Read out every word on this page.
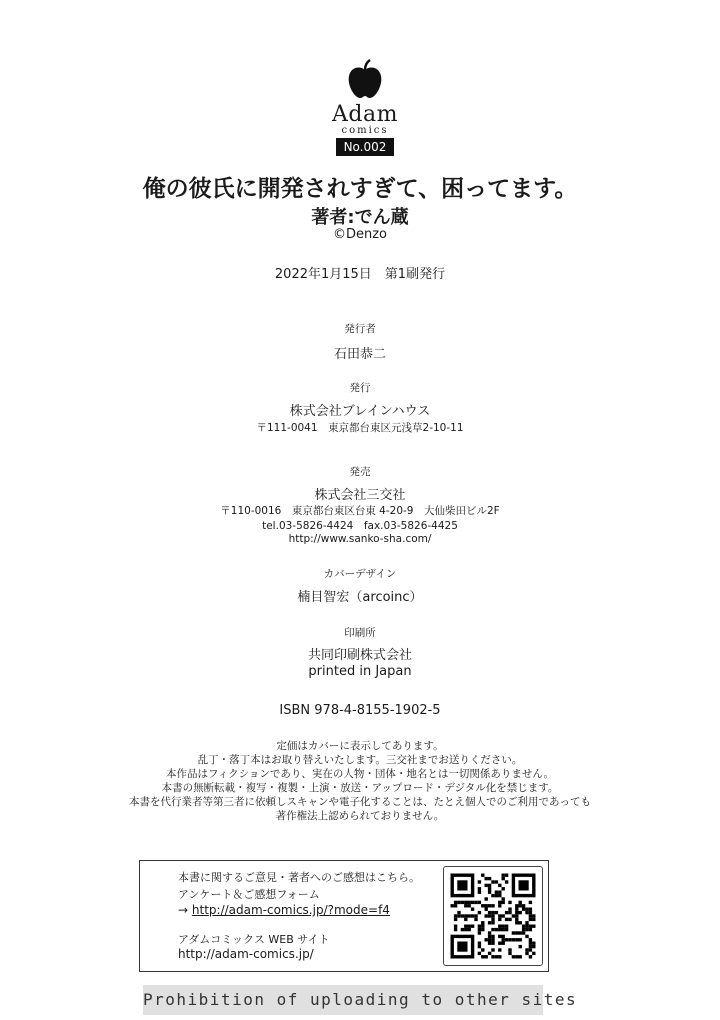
Adam
comics
No.002
俺の彼氏に開発されすぎて、困ってます。
著者:でん蔵
©Denzo
2022年1月15日　第1刷発行
発行者
石田恭二
発行
株式会社ブレインハウス
〒111-0041　東京都台東区元浅草2-10-11
発売
株式会社三交社
〒110-0016　東京都台東区台東 4-20-9　大仙柴田ビル2F
tel.03-5826-4424　fax.03-5826-4425
http://www.sanko-sha.com/
カバーデザイン
楠目智宏（arcoinc）
印刷所
共同印刷株式会社
printed in Japan
ISBN 978-4-8155-1902-5
定価はカバーに表示してあります。
乱丁・落丁本はお取り替えいたします。三交社までお送りください。
本作品はフィクションであり、実在の人物・団体・地名とは一切関係ありません。
本書の無断転載・複写・複製・上演・放送・アップロード・デジタル化を禁じます。
本書を代行業者等第三者に依頼しスキャンや電子化することは、たとえ個人でのご利用であっても
著作権法上認められておりません。
本書に関するご意見・著者へのご感想はこちら。
アンケート＆ご感想フォーム
→ http://adam-comics.jp/?mode=f4
アダムコミックス WEB サイト
http://adam-comics.jp/
Prohibition of uploading to other sites
